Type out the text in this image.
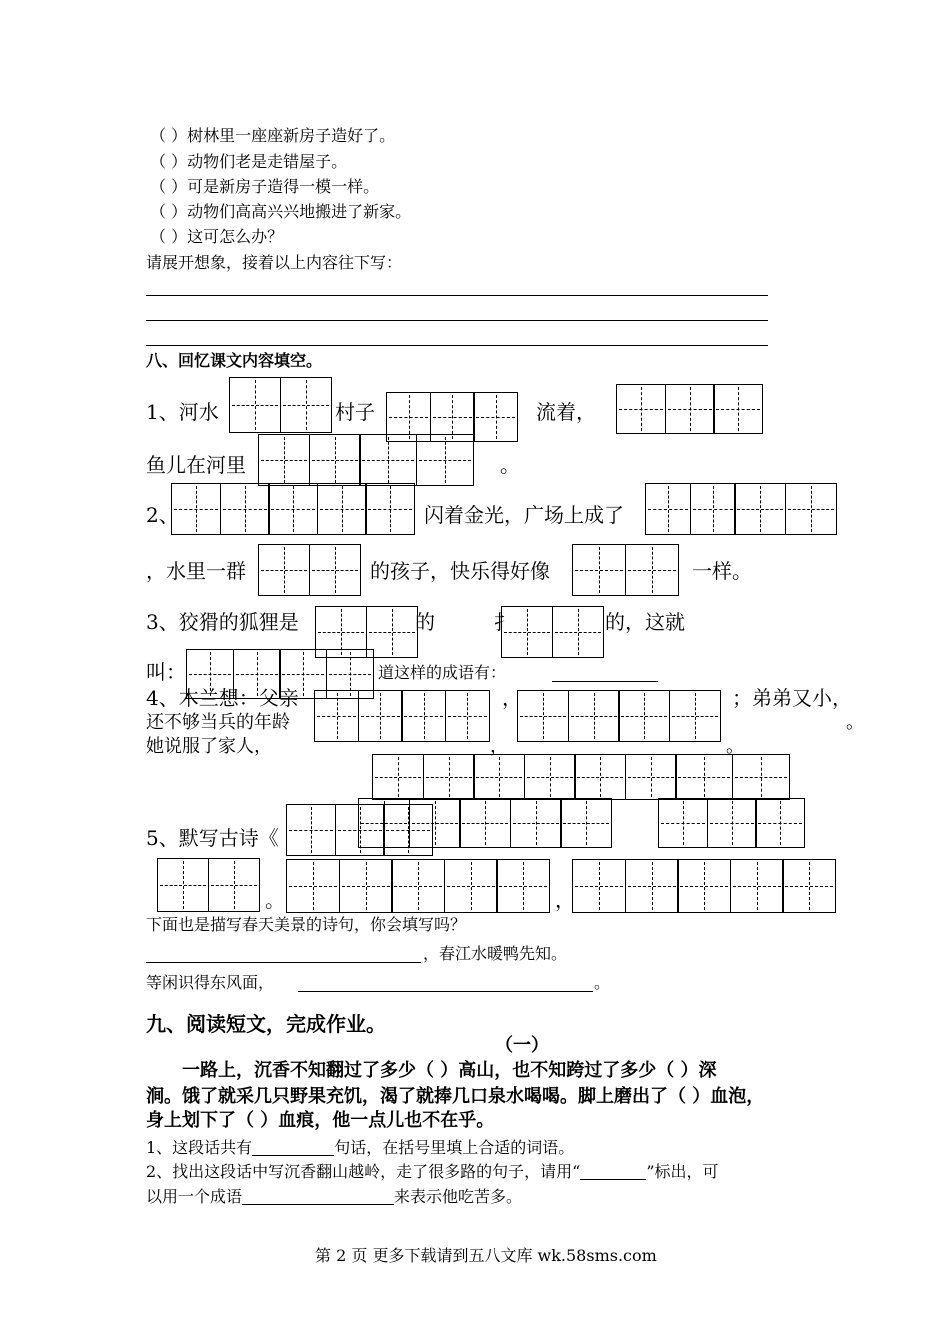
（ ）树林里一座座新房子造好了。
（ ）动物们老是走错屋子。
（ ）可是新房子造得一模一样。
（ ）动物们高高兴兴地搬进了新家。
（ ）这可怎么办？
请展开想象，接着以上内容往下写：
八、回忆课文内容填空。
1、河水	村子	流着，
鱼儿在河里	。
2、	闪着金光，广场上成了
，水里一群	的孩子，快乐得好像	一样。
3、狡猾的狐狸是	的	扌	的，这就
叫：	道这样的成语有：
4、木兰想：父亲	，	；弟弟又小，
还不够当兵的年龄	。
她说服了家人，	，	。
5、默写古诗《
。	，
下面也是描写春天美景的诗句，你会填写吗？
，春江水暖鸭先知。
等闲识得东风面，	。
九、阅读短文，完成作业。
（一）
一路上，沉香不知翻过了多少（ ）高山，也不知跨过了多少（ ）深
涧。饿了就采几只野果充饥，渴了就捧几口泉水喝喝。脚上磨出了（ ）血泡，
身上划下了（ ）血痕，他一点儿也不在乎。
1、这段话共有	句话，在括号里填上合适的词语。
2、找出这段话中写沉香翻山越岭，走了很多路的句子，请用“	”标出，可
以用一个成语	来表示他吃苦多。
第 2 页 更多下载请到五八文库 wk.58sms.com
